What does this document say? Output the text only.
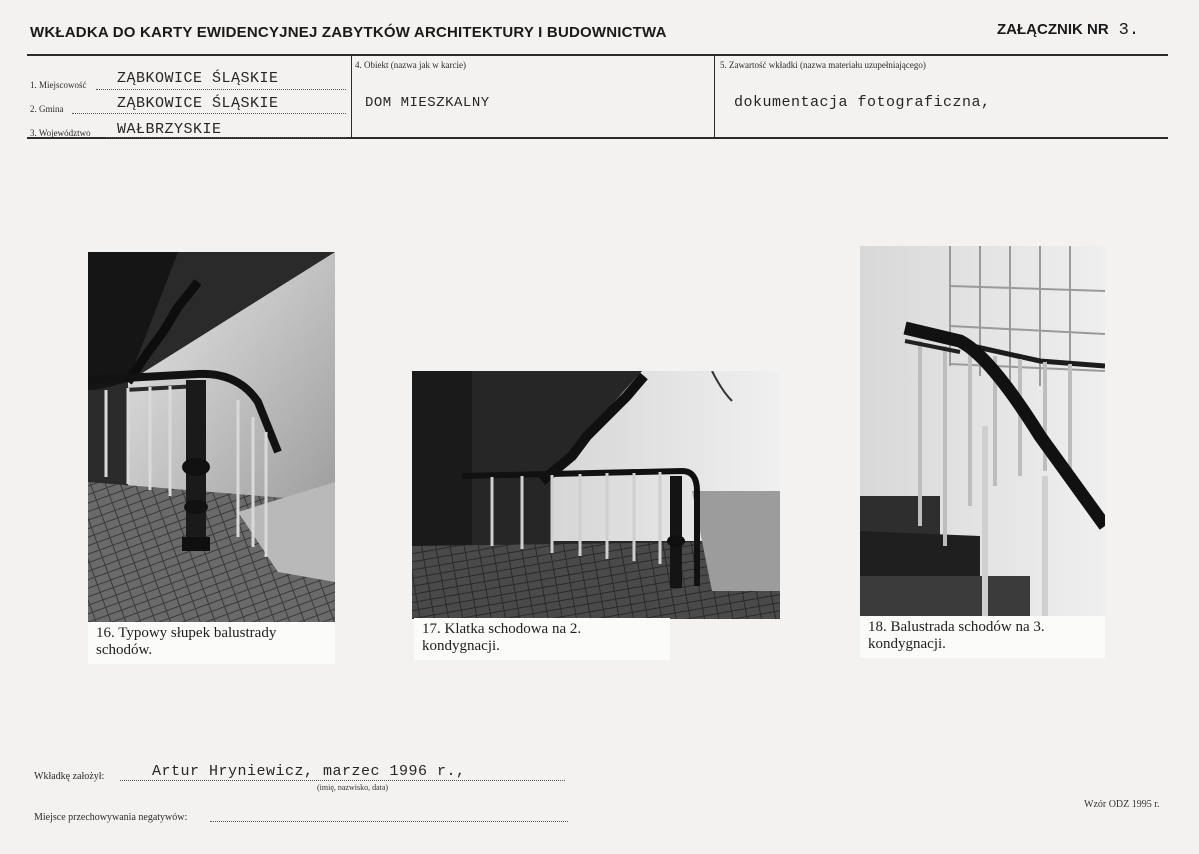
WKŁADKA DO KARTY EWIDENCYJNEJ ZABYTKÓW ARCHITEKTURY I BUDOWNICTWA	ZAŁĄCZNIK NR 3.
1. Miejscowość ZĄBKOWICE ŚLĄSKIE
2. Gmina	ZĄBKOWICE ŚLĄSKIE
3. Województwo WAŁBRZYSKIE
4. Obiekt (nazwa jak w karcie)
DOM MIESZKALNY
5. Zawartość wkładki (nazwa materiału uzupełniającego)
dokumentacja fotograficzna,
16. Typowy słupek balustrady schodów.
17. Klatka schodowa na 2. kondygnacji.
18. Balustrada schodów na 3. kondygnacji.
Wkładkę założył:	Artur Hryniewicz, marzec 1996 r.,
(imię, nazwisko, data)
Miejsce przechowywania negatywów:
Wzór ODZ 1995 r.
